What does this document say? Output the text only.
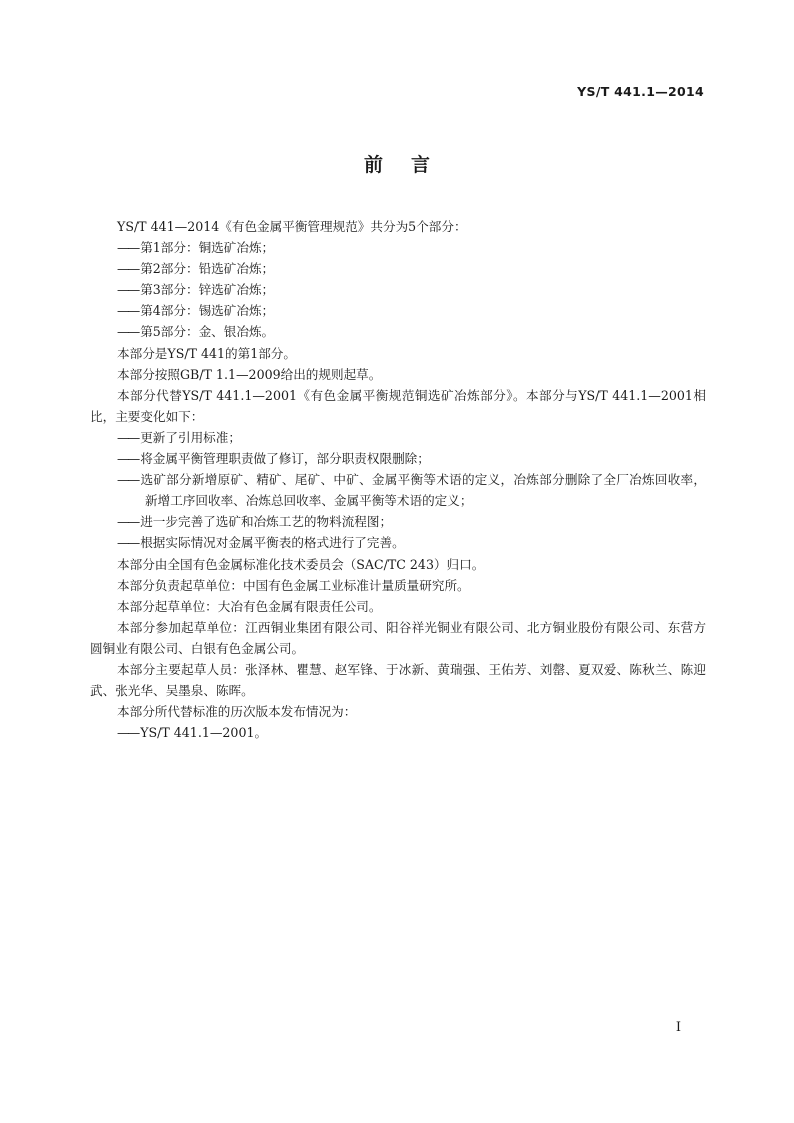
YS/T 441.1—2014
前言

YS/T 441—2014《有色金属平衡管理规范》共分为5个部分：

—— 第1部分：铜选矿冶炼；

—— 第2部分：铅选矿冶炼；

—— 第3部分：锌选矿冶炼；

—— 第4部分：锡选矿冶炼；

—— 第5部分：金、银冶炼。

本部分是YS/T 441的第1部分。

本部分按照GB/T 1.1—2009给出的规则起草。

本部分代替YS/T 441.1—2001《有色金属平衡规范铜选矿冶炼部分》。本部分与YS/T 441.1—2001相比，主要变化如下：

—— 更新了引用标准；

—— 将金属平衡管理职责做了修订，部分职责权限删除；

—— 选矿部分新增原矿、精矿、尾矿、中矿、金属平衡等术语的定义，冶炼部分删除了全厂冶炼回收率，新增工序回收率、冶炼总回收率、金属平衡等术语的定义；

—— 进一步完善了选矿和冶炼工艺的物料流程图；

—— 根据实际情况对金属平衡表的格式进行了完善。

本部分由全国有色金属标准化技术委员会（SAC/TC 243）归口。

本部分负责起草单位：中国有色金属工业标准计量质量研究所。

本部分起草单位：大冶有色金属有限责任公司。

本部分参加起草单位：江西铜业集团有限公司、阳谷祥光铜业有限公司、北方铜业股份有限公司、东营方圆铜业有限公司、白银有色金属公司。

本部分主要起草人员：张泽林、瞿慧、赵军锋、于冰新、黄瑞强、王佑芳、刘罄、夏双爱、陈秋兰、陈迎武、张光华、吴墨泉、陈晖。

本部分所代替标准的历次版本发布情况为：

—— YS/T 441.1—2001。

I
